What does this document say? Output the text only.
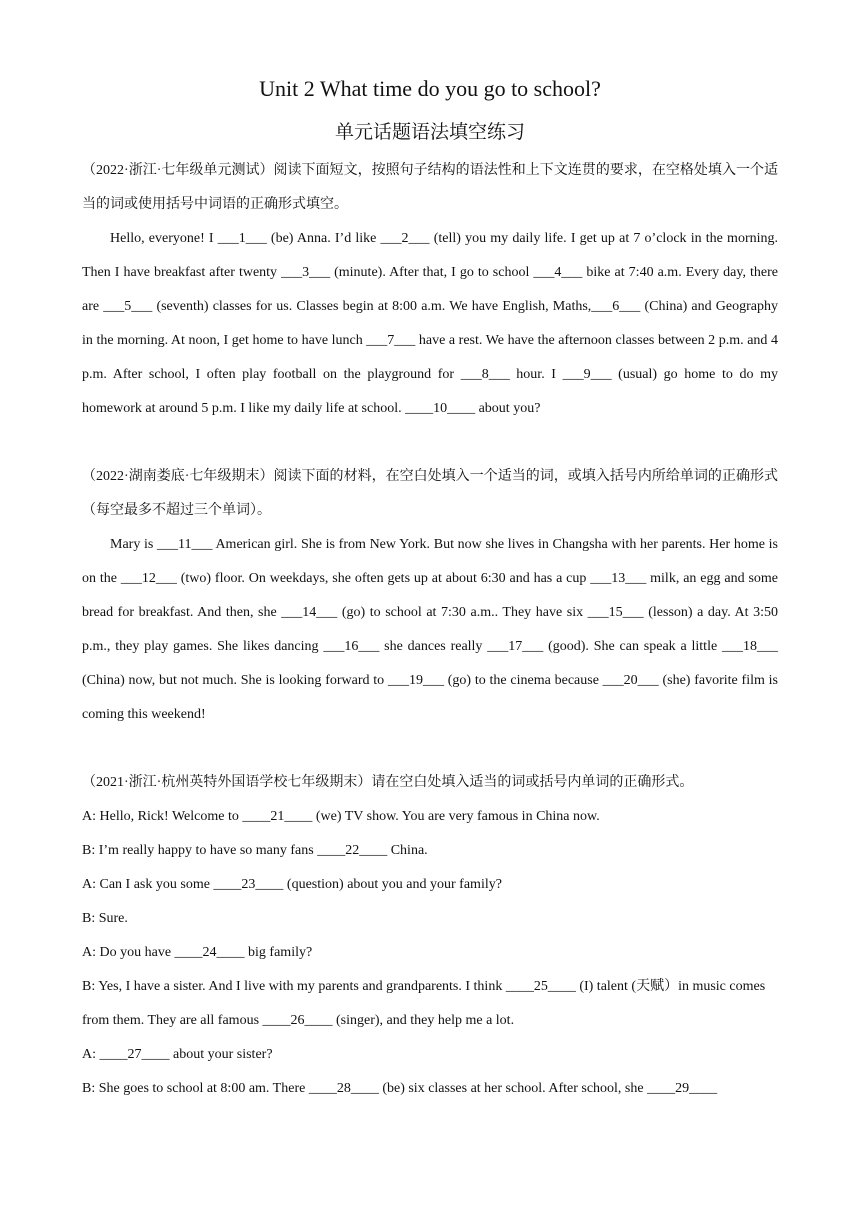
Unit 2 What time do you go to school?
单元话题语法填空练习

（2022·浙江·七年级单元测试）阅读下面短文，按照句子结构的语法性和上下文连贯的要求，在空格处填入一个适当的词或使用括号中词语的正确形式填空。

Hello, everyone! I ___1___ (be) Anna. I’d like ___2___ (tell) you my daily life. I get up at 7 o’clock in the morning. Then I have breakfast after twenty ___3___ (minute). After that, I go to school ___4___ bike at 7:40 a.m. Every day, there are ___5___ (seventh) classes for us. Classes begin at 8:00 a.m. We have English, Maths,___6___ (China) and Geography in the morning. At noon, I get home to have lunch ___7___ have a rest. We have the afternoon classes between 2 p.m. and 4 p.m. After school, I often play football on the playground for ___8___ hour. I ___9___ (usual) go home to do my homework at around 5 p.m. I like my daily life at school. ____10____ about you?

（2022·湖南娄底·七年级期末）阅读下面的材料，在空白处填入一个适当的词，或填入括号内所给单词的正确形式（每空最多不超过三个单词）。

Mary is ___11___ American girl. She is from New York. But now she lives in Changsha with her parents. Her home is on the ___12___ (two) floor. On weekdays, she often gets up at about 6:30 and has a cup ___13___ milk, an egg and some bread for breakfast. And then, she ___14___ (go) to school at 7:30 a.m.. They have six ___15___ (lesson) a day. At 3:50 p.m., they play games. She likes dancing ___16___ she dances really ___17___ (good). She can speak a little ___18___ (China) now, but not much. She is looking forward to ___19___ (go) to the cinema because ___20___ (she) favorite film is coming this weekend!

（2021·浙江·杭州英特外国语学校七年级期末）请在空白处填入适当的词或括号内单词的正确形式。

A: Hello, Rick! Welcome to ____21____ (we) TV show. You are very famous in China now.

B: I’m really happy to have so many fans ____22____ China.

A: Can I ask you some ____23____ (question) about you and your family?

B: Sure.

A: Do you have ____24____ big family?

B: Yes, I have a sister. And I live with my parents and grandparents. I think ____25____ (I) talent (天赋）in music comes from them. They are all famous ____26____ (singer), and they help me a lot.

A: ____27____ about your sister?

B: She goes to school at 8:00 am. There ____28____ (be) six classes at her school. After school, she ____29____
